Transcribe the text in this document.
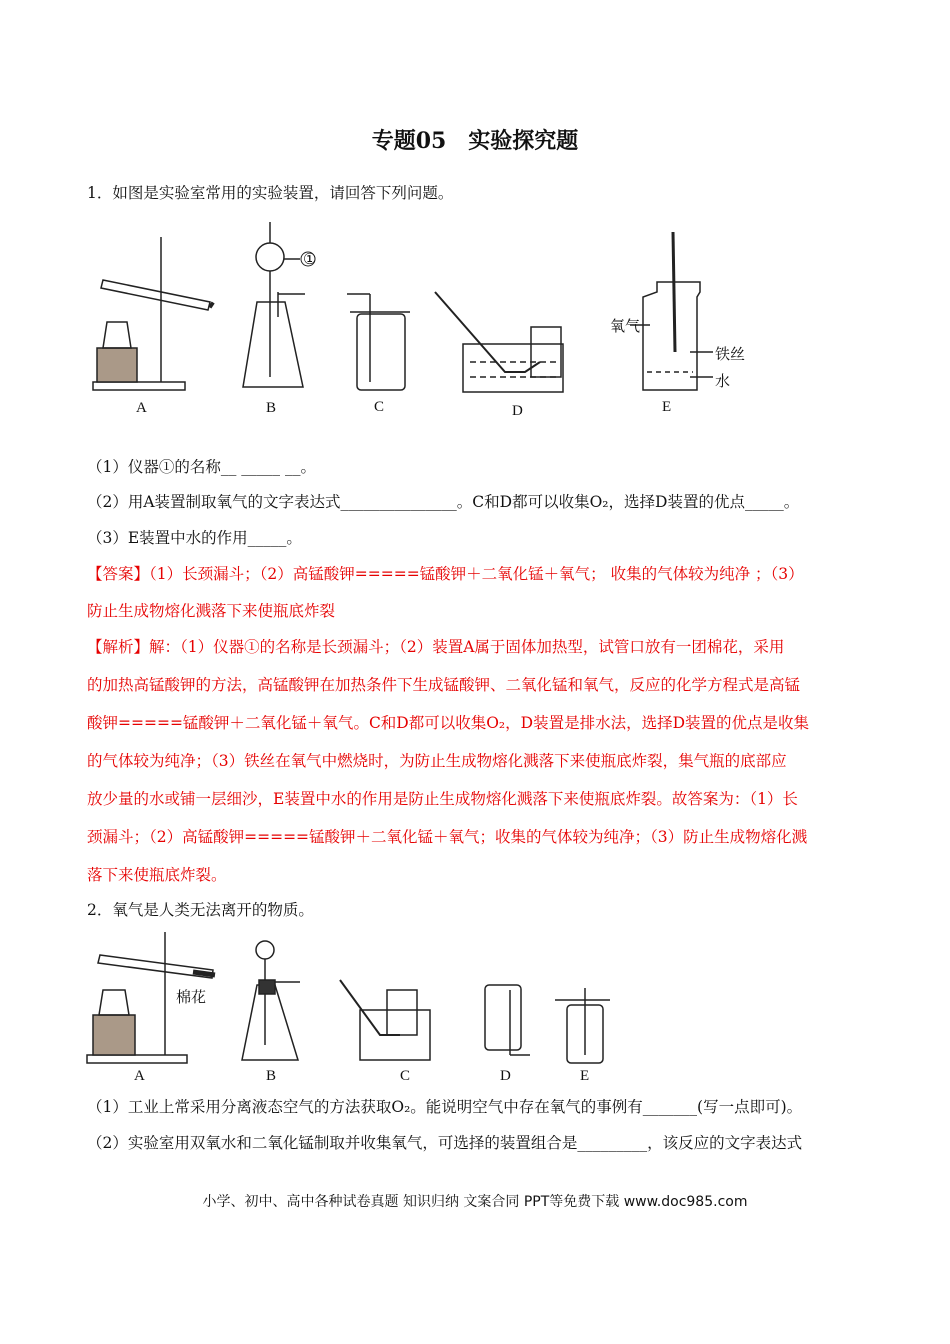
专题05　实验探究题
1．如图是实验室常用的实验装置，请回答下列问题。
氧气
①
铁丝
水
A	B	C	D	E
（1）仪器①的名称__ _____ __。
（2）用A装置制取氧气的文字表达式_______________。C和D都可以收集O₂，选择D装置的优点_____。
（3）E装置中水的作用_____。
【答案】（1）长颈漏斗；（2）高锰酸钾=====锰酸钾＋二氧化锰＋氧气； 收集的气体较为纯净 ；（3）
防止生成物熔化溅落下来使瓶底炸裂
【解析】解：（1）仪器①的名称是长颈漏斗；（2）装置A属于固体加热型，试管口放有一团棉花，采用
的加热高锰酸钾的方法，高锰酸钾在加热条件下生成锰酸钾、二氧化锰和氧气，反应的化学方程式是高锰
酸钾=====锰酸钾＋二氧化锰＋氧气。C和D都可以收集O₂，D装置是排水法，选择D装置的优点是收集
的气体较为纯净；（3）铁丝在氧气中燃烧时，为防止生成物熔化溅落下来使瓶底炸裂，集气瓶的底部应
放少量的水或铺一层细沙，E装置中水的作用是防止生成物熔化溅落下来使瓶底炸裂。故答案为：（1）长
颈漏斗；（2）高锰酸钾=====锰酸钾＋二氧化锰＋氧气；收集的气体较为纯净；（3）防止生成物熔化溅
落下来使瓶底炸裂。
2．氧气是人类无法离开的物质。
棉花
A	B	C	D	E
（1）工业上常采用分离液态空气的方法获取O₂。能说明空气中存在氧气的事例有_______(写一点即可)。
（2）实验室用双氧水和二氧化锰制取并收集氧气，可选择的装置组合是_________，该反应的文字表达式
小学、初中、高中各种试卷真题 知识归纳 文案合同 PPT等免费下载 www.doc985.com
